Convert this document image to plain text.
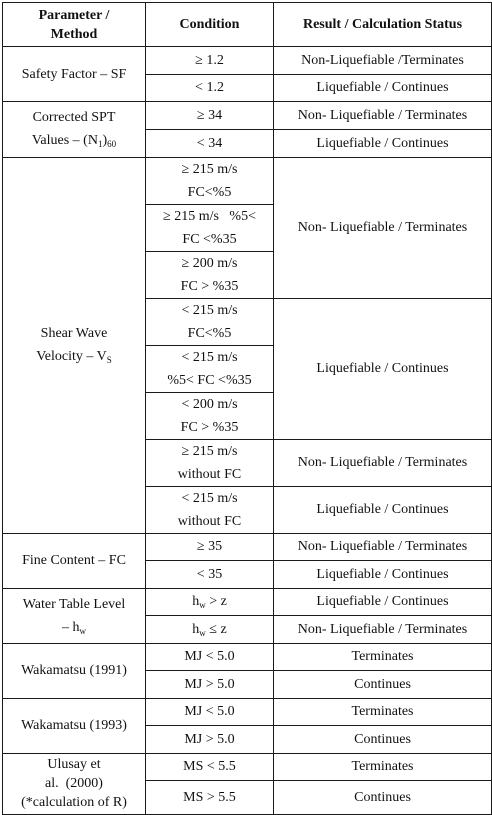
Parameter /
Method	Condition	Result / Calculation Status
Safety Factor – SF	≥ 1.2	Non-Liquefiable /Terminates
	< 1.2	Liquefiable / Continues

Corrected SPT
Values – $(N_1)_{60}$	≥ 34	Non- Liquefiable / Terminates
	< 34	Liquefiable / Continues

Shear Wave
Velocity – $V_S$	≥ 215 m/s
FC<%5	Non- Liquefiable / Terminates

	≥ 215 m/s   %5<
FC <%35	

	≥ 200 m/s
FC > %35	

	< 215 m/s
FC<%5	Liquefiable / Continues

	< 215 m/s
%5< FC <%35	

	< 200 m/s
FC > %35	

	≥ 215 m/s
without FC	Non- Liquefiable / Terminates

	< 215 m/s
without FC	Liquefiable / Continues
Fine Content – FC	≥ 35	Non- Liquefiable / Terminates
	< 35	Liquefiable / Continues

Water Table Level
– $h_w$	$h_w > z$	Liquefiable / Continues
	$h_w \le z$	Non- Liquefiable / Terminates
Wakamatsu (1991)	MJ < 5.0	Terminates
	MJ > 5.0	Continues
Wakamatsu (1993)	MJ < 5.0	Terminates
	MJ > 5.0	Continues

Ulusay et
al.  (2000)
(*calculation of R)	MS < 5.5	Terminates
	MS > 5.5	Continues
